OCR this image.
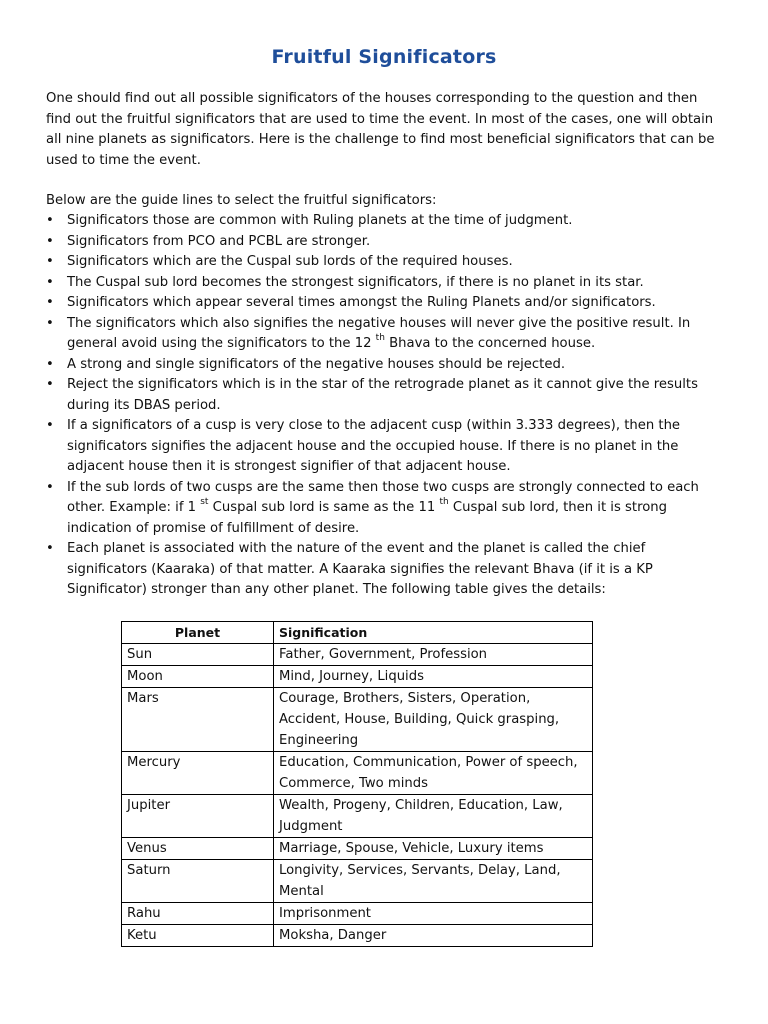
Fruitful Significators

One should find out all possible significators of the houses corresponding to the question and then find out the fruitful significators that are used to time the event. In most of the cases, one will obtain all nine planets as significators. Here is the challenge to find most beneficial significators that can be used to time the event.

Below are the guide lines to select the fruitful significators:

• Significators those are common with Ruling planets at the time of judgment.
• Significators from PCO and PCBL are stronger.
• Significators which are the Cuspal sub lords of the required houses.
• The Cuspal sub lord becomes the strongest significators, if there is no planet in its star.
• Significators which appear several times amongst the Ruling Planets and/or significators.
• The significators which also signifies the negative houses will never give the positive result. In general avoid using the significators to the 12 $^{th}$ Bhava to the concerned house.
• A strong and single significators of the negative houses should be rejected.
• Reject the significators which is in the star of the retrograde planet as it cannot give the results during its DBAS period.
• If a significators of a cusp is very close to the adjacent cusp (within 3.333 degrees), then the significators signifies the adjacent house and the occupied house. If there is no planet in the adjacent house then it is strongest signifier of that adjacent house.
• If the sub lords of two cusps are the same then those two cusps are strongly connected to each other. Example: if 1 $^{st}$ Cuspal sub lord is same as the 11 $^{th}$ Cuspal sub lord, then it is strong indication of promise of fulfillment of desire.
• Each planet is associated with the nature of the event and the planet is called the chief significators (Kaaraka) of that matter. A Kaaraka signifies the relevant Bhava (if it is a KP Significator) stronger than any other planet. The following table gives the details:
Planet	Signification
Sun	Father, Government, Profession
Moon	Mind, Journey, Liquids
Mars	Courage, Brothers, Sisters, Operation, Accident, House, Building, Quick grasping, Engineering
Mercury	Education, Communication, Power of speech, Commerce, Two minds
Jupiter	Wealth, Progeny, Children, Education, Law, Judgment
Venus	Marriage, Spouse, Vehicle, Luxury items
Saturn	Longivity, Services, Servants, Delay, Land, Mental
Rahu	Imprisonment
Ketu	Moksha, Danger
